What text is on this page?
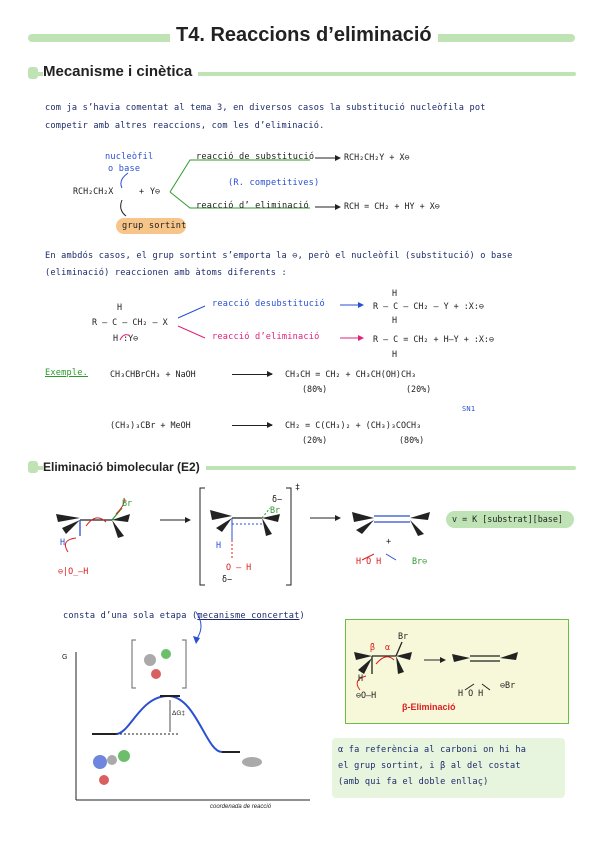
T4. Reaccions d’eliminació
Mecanisme i cinètica
com ja s’havia comentat al tema 3, en diversos casos la substitució nucleòfila pot
competir amb altres reaccions, com les d’eliminació.
nucleòfil
o base
RCH₂CH₂X	+ Y⊖
grup sortint
reacció de substitució	RCH₂CH₂Y + X⊖
(R. competitives)
reacció d’ eliminació	RCH = CH₂ + HY + X⊖
En ambdós casos, el grup sortint s’emporta la ⊖, però el nucleòfil (substitució) o base
(eliminació) reaccionen amb àtoms diferents :
H
R – C – CH₂ – X
H :Y⊖
reacció desubstitució
reacció d’eliminació
H
R – C – CH₂ – Y + :X:⊖
H
R – C = CH₂ + H–Y + :X:⊖
H
Exemple.	CH₃CHBrCH₃ + NaOH	CH₃CH = CH₂ + CH₃CH(OH)CH₃
(80%)	(20%)
(CH₃)₃CBr + MeOH	CH₂ = C(CH₃)₂ + (CH₃)₃COCH₃
SN1
(20%)	(80%)
Eliminació bimolecular (E2)
Br
H
⊖|O̲–H
δ−
Br
H
O – H
δ−
‡
+
H O H	Br⊖
v = K [substrat][base]
consta d’una sola etapa (mecanisme concertat)
G
ΔG‡
coordenada de reacció
β α
Br
H
⊖O–H	H O H
⊖Br
β-Eliminació
α fa referència al carboni on hi ha
el grup sortint, i β al del costat
(amb qui fa el doble enllaç)
